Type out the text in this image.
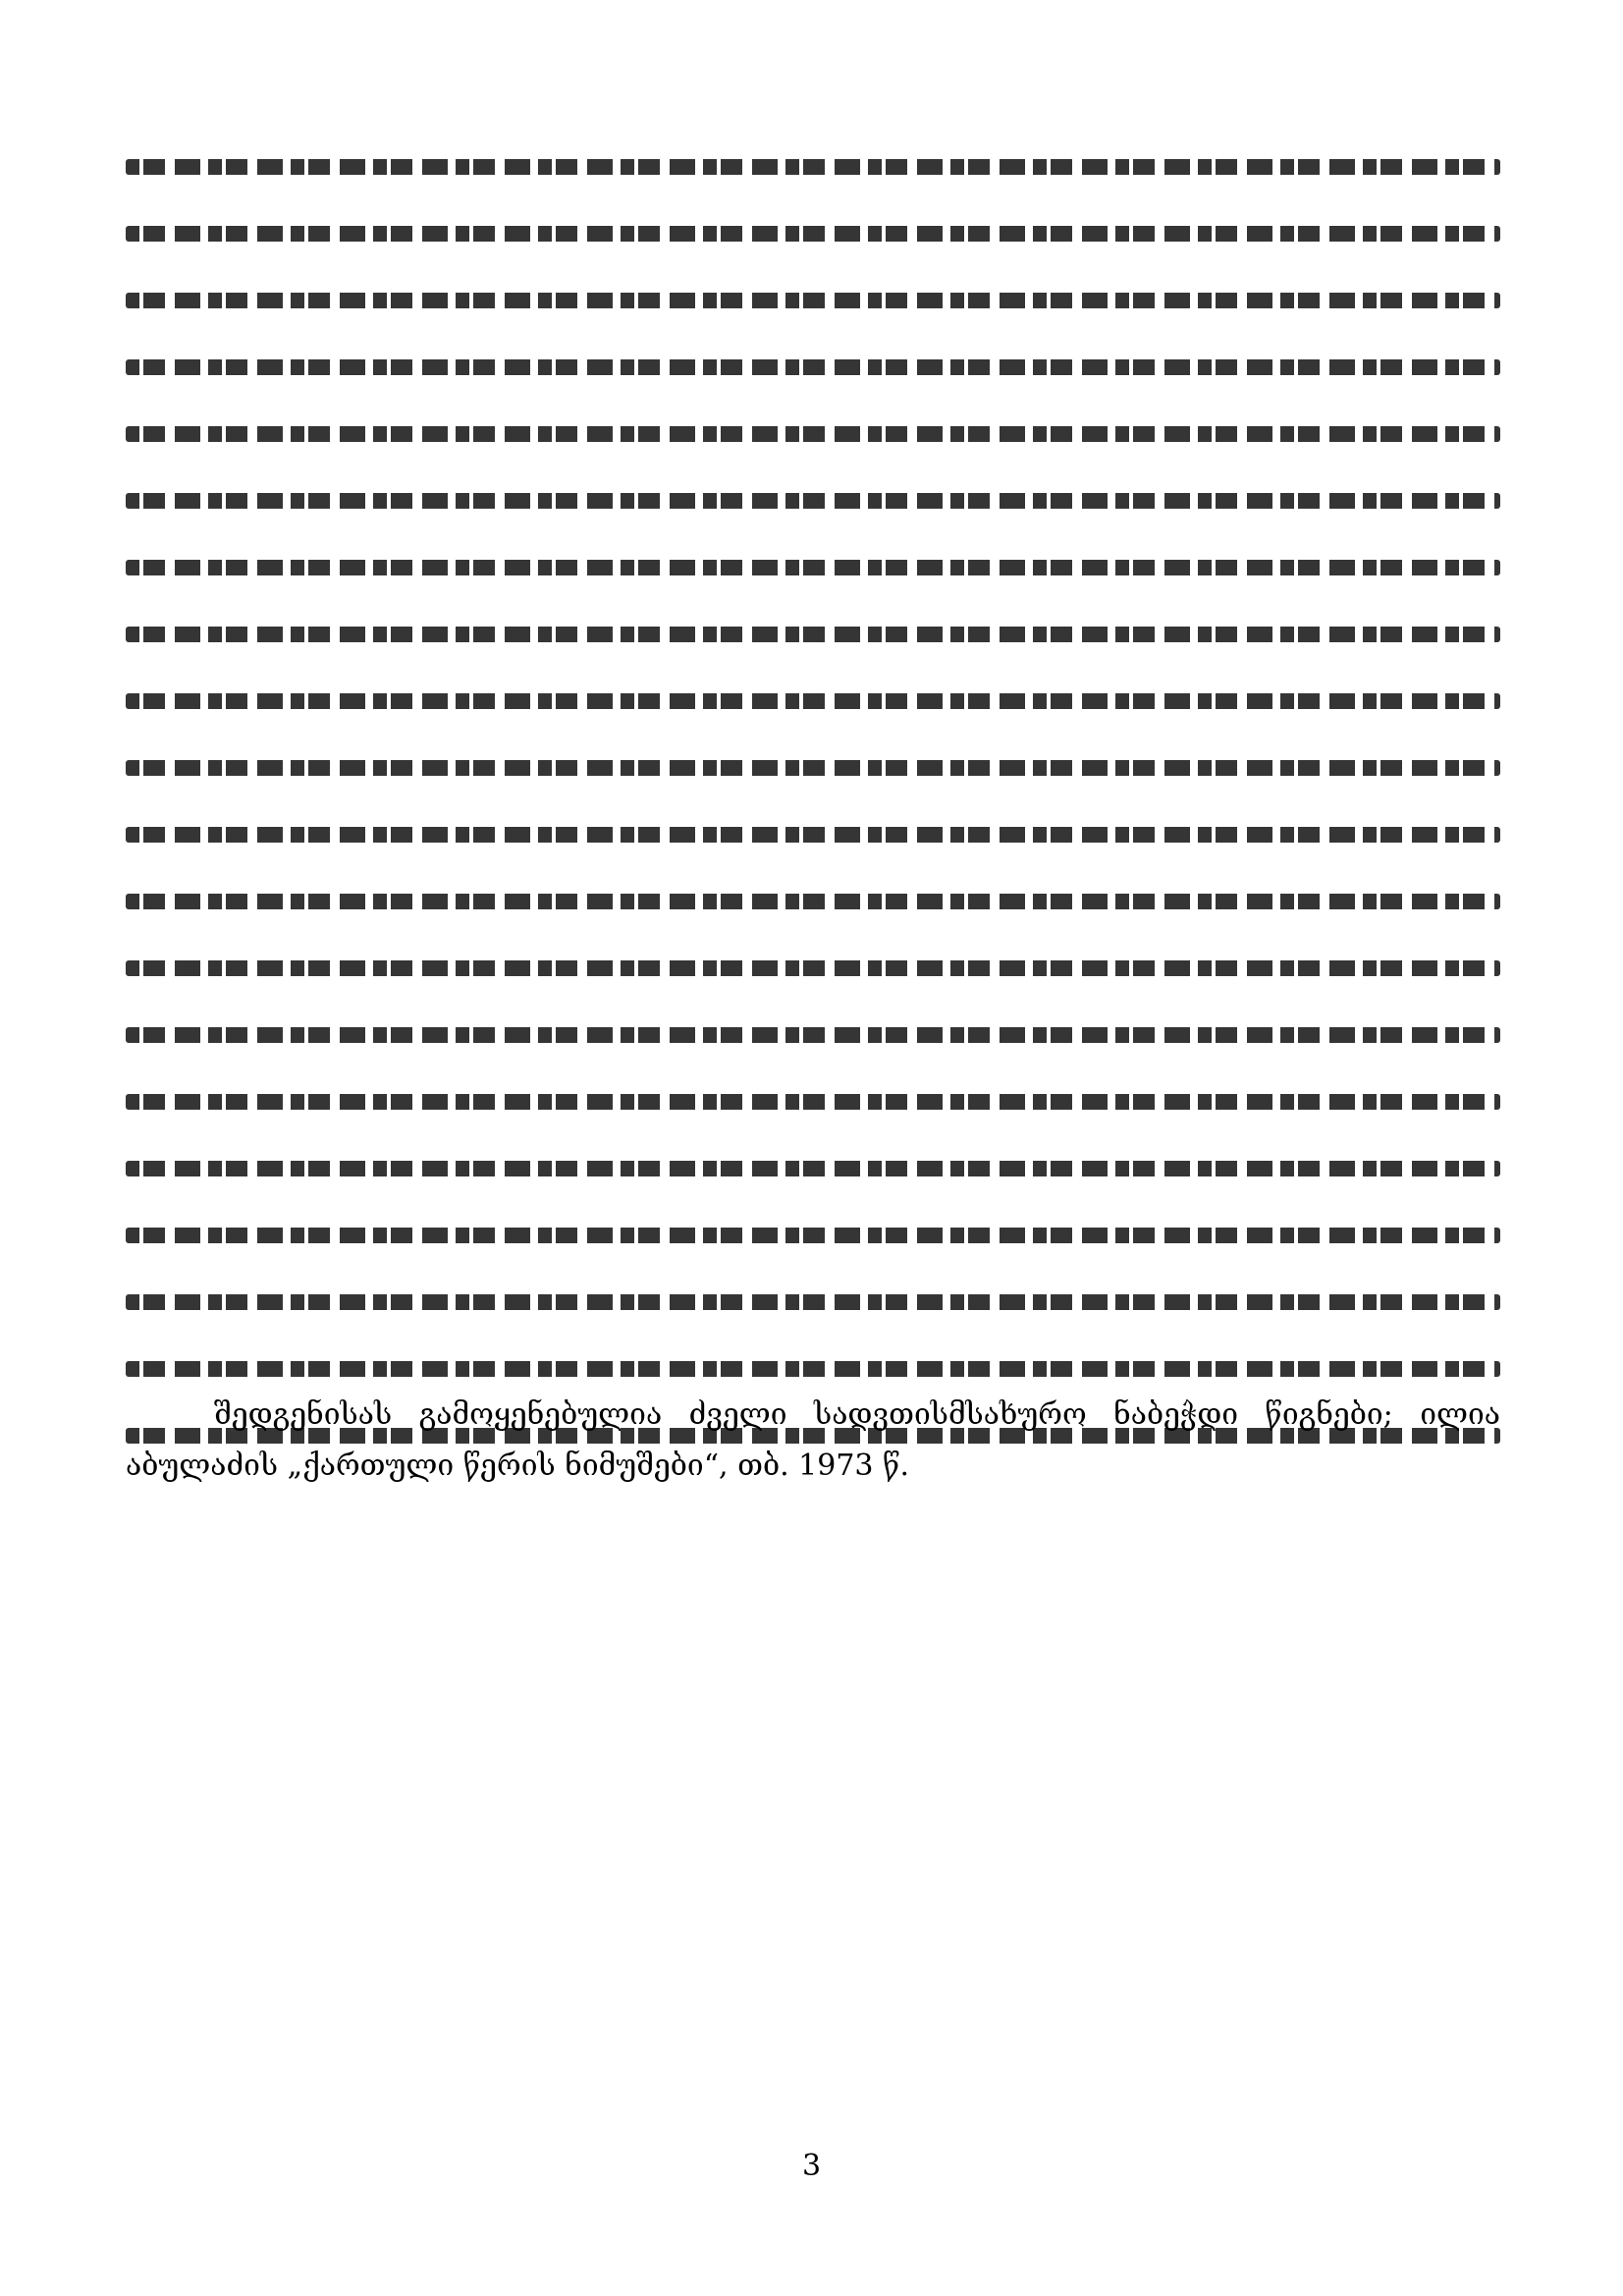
შედგენისას გამოყენებულია ძველი სადვთისმსახურო ნაბეჭდი წიგნები; ილია აბულაძის „ქართული წერის ნიმუშები“, თბ. 1973 წ.

3
